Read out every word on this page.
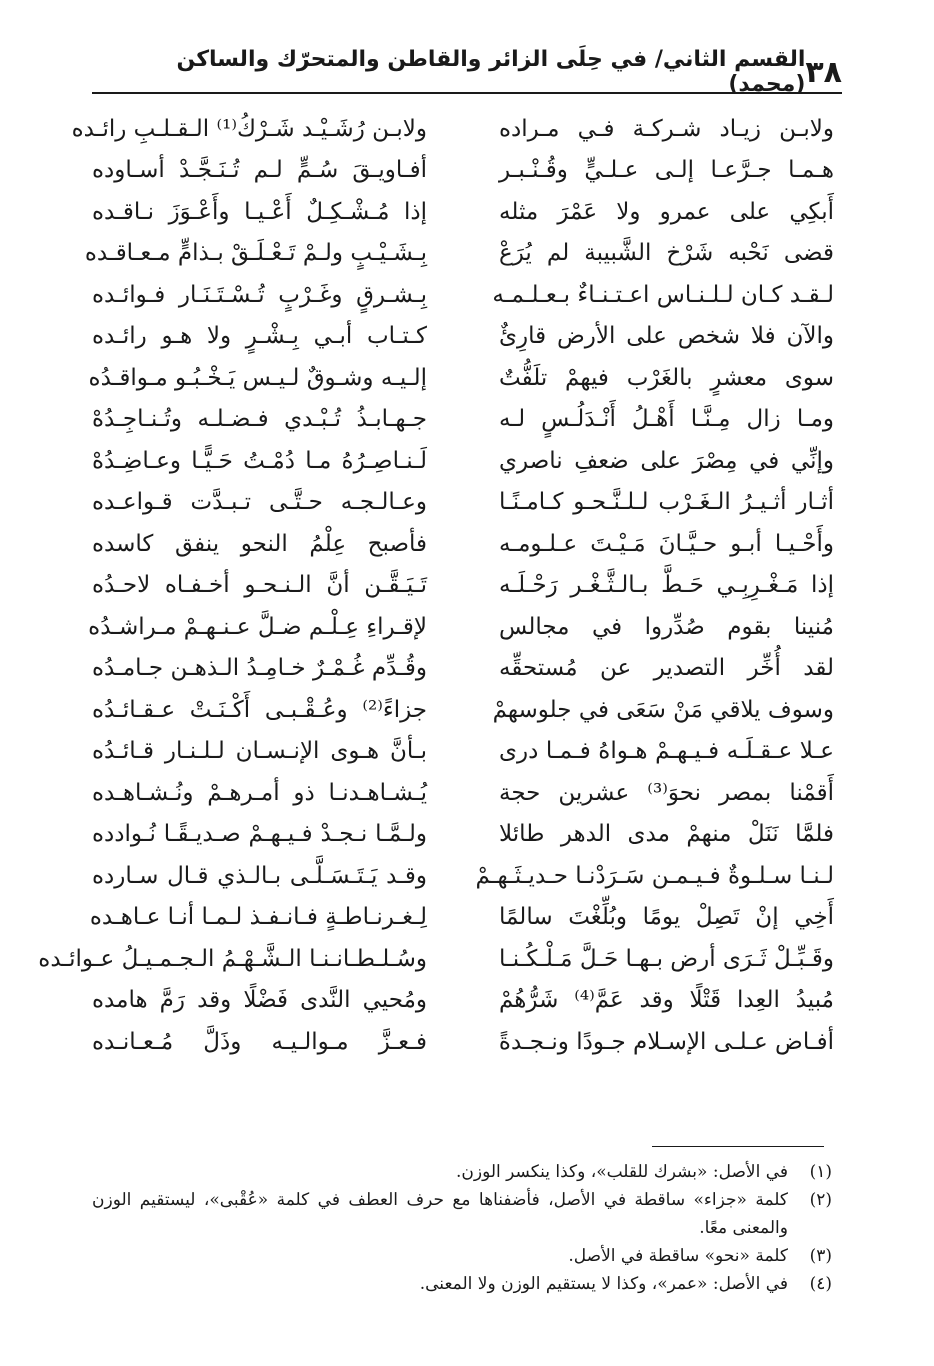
٣٨
القسم الثاني/ في حِلَى الزائر والقاطن والمتحرّك والساكن (محمد)
ولابـن زيـاد شـركـة فـي مـراده
ولابـن رُشَـيْـد شَـرْكُ⁽¹⁾ الـقـلـبِ رائـده
هـمـا جـرَّعـا إلـى عـلـيٍّ وقُـنْـبـر
أفـاويـقَ سُـمٍّ لـم تُـنَـجَّـدْ أسـاوده
أَبكِي على عمرو ولا عَمْرَ مثله
إذا مُـشْـكِـلٌ أَعْـيـا وأَعْـوَزَ نـاقـده
قضى نَحْبه شَرْخ الشَّبيبة لم يُرَعْ
بِـشَـيْـبٍ ولـمْ تَـعْـلَـقْ بـذامٍّ مـعـاقـده
لـقـد كـان لـلـنـاس اعـتـنـاءٌ بـعـلـمـه
بِـشـرقٍ وغَـرْبٍ تُـسْـتَـنَـار فـوائـده
والآن فلا شخص على الأرض قارِئٌ
كـتـاب أبـي بِـشْـرٍ ولا هـو رائـده
سوى معشرٍ بالغَرْب فيهمْ تلَفُّتٌ
إلـيـه وشـوقٌ لـيـس يَـخْـبُـو مـواقـدُه
ومـا زال مِـنَّـا أَهْـلُ أَنْـدَلُـسٍ لـه
جـهـابـذُ تُـبْـدي فـضـلـه وتُـنـاجِـدُهْ
وإنِّي في مِصْرَ على ضعفِ ناصري
لَـنـاصِـرُهُ مـا دُمْـتُ حَـيًّـا وعـاضِـدُهْ
أثـار أثـيـرُ الـغَـرْب لـلـنَّـحـو كـامـنًـا
وعـالـجـه حـتَّـى تـبـدَّت قـواعـده
وأَحْـيـا أبـو حـيَّـانَ مَـيْـتَ عـلـومـه
فأصبح عِلْمُ النحو ينفق كاسده
إذا مَـغْـرِبِـي حَـطَّ بـالـثَّـغْـر رَحْـلَـه
تَـيَـقَّـن أنَّ الـنـحـو أخـفـاه لاحـدُه
مُنينا بقوم صُدِّروا في مجالس
لإقـراءِ عِـلْـم ضـلَّ عـنـهـمْ مـراشـدُه
لقد أُخِّر التصدير عن مُستحقِّه
وقُـدِّم غُـمْـرٌ خـامِـدُ الـذهـن جـامـدُه
وسوف يلاقي مَنْ سَعَى في جلوسهمْ
جزاءً⁽²⁾ وعُـقْـبـى أَكْـنَـتْ عـقـائـدُه
عـلا عـقـلَـه فـيـهـمْ هـواهُ فـمـا درى
بـأنَّ هـوى الإنـسـان لـلـنـار قـائـدُه
أَقمْنا بمصر نحوَ⁽³⁾ عشرين حجة
يُـشـاهـدنـا ذو أمـرهـمْ ونُـشـاهـده
فلمَّا نَنَلْ منهمْ مدى الدهر طائلا
ولـمَّـا نـجـدْ فـيـهـمْ صـديـقًـا نُـوادده
لـنـا سـلـوةٌ فـيـمـن سَـرَدْنـا حـديـثَـهـمْ
وقـد يَـتَـسَـلَّـى بـالـذي قـال سـارده
أَخِي إنْ تَصِلْ يومًا وبُلِّغْتَ سالمًا
لِـغـرنـاطـةٍ فـانـفـذ لـمـا أنـا عـاهـده
وقَـبِّـلْ ثَـرَى أرض بـهـا حَـلَّ مَـلْـكُـنـا
وسُـلـطـانـنـا الـشَّـهْـمُ الـجـمـيـلُ عـوائـده
مُبيدُ العِدا قَتْلًا وقد عَمَّ⁽⁴⁾ شَرُّهُمْ
ومُحيي النَّدى فَضْلًا وقد رَمَّ هامده
أفـاض عـلـى الإسـلام جـودًا ونـجـدةً
فـعـزَّ مـوالـيـه وذَلَّ مُـعـانـده
(١)
في الأصل: «بشرك للقلب»، وكذا ينكسر الوزن.
(٢)
كلمة «جزاء» ساقطة في الأصل، فأضفناها مع حرف العطف في كلمة «عُقْبى»، ليستقيم الوزن والمعنى معًا.
(٣)
كلمة «نحو» ساقطة في الأصل.
(٤)
في الأصل: «عمر»، وكذا لا يستقيم الوزن ولا المعنى.
